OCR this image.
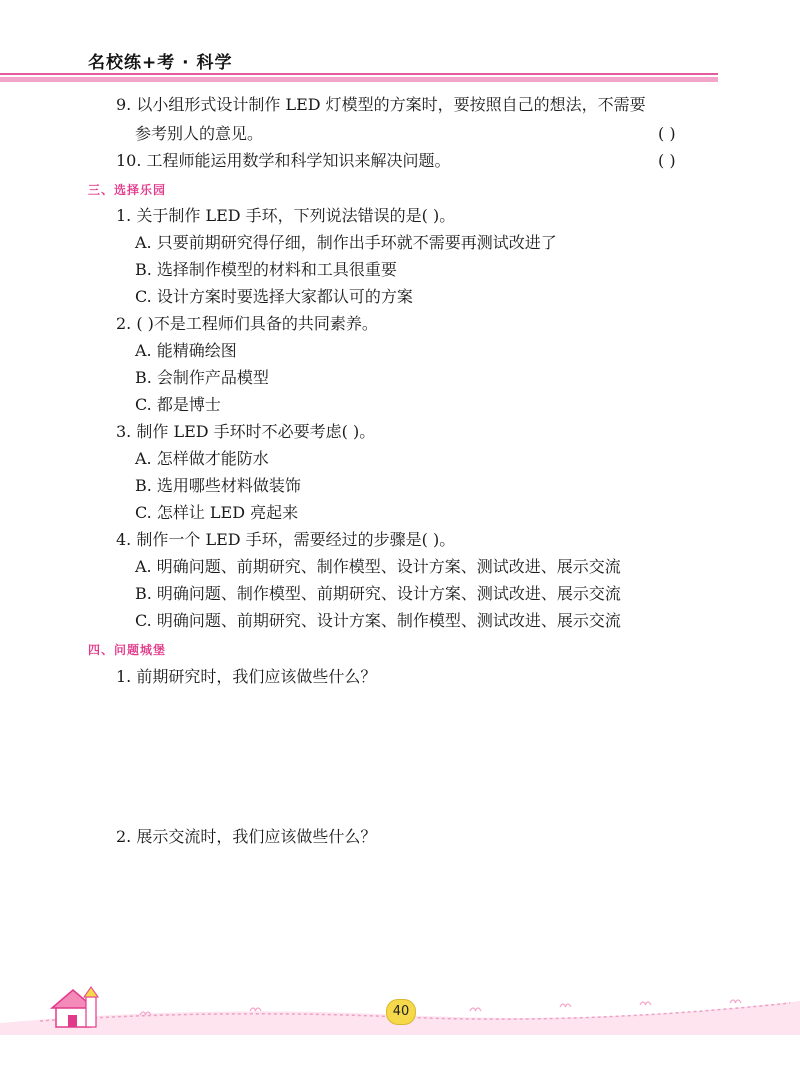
名校练+考 · 科学
9. 以小组形式设计制作 LED 灯模型的方案时，要按照自己的想法，不需要
参考别人的意见。	( )
10. 工程师能运用数学和科学知识来解决问题。	( )
三、选择乐园
1. 关于制作 LED 手环，下列说法错误的是( )。
A. 只要前期研究得仔细，制作出手环就不需要再测试改进了
B. 选择制作模型的材料和工具很重要
C. 设计方案时要选择大家都认可的方案
2. ( )不是工程师们具备的共同素养。
A. 能精确绘图
B. 会制作产品模型
C. 都是博士
3. 制作 LED 手环时不必要考虑( )。
A. 怎样做才能防水
B. 选用哪些材料做装饰
C. 怎样让 LED 亮起来
4. 制作一个 LED 手环，需要经过的步骤是( )。
A. 明确问题、前期研究、制作模型、设计方案、测试改进、展示交流
B. 明确问题、制作模型、前期研究、设计方案、测试改进、展示交流
C. 明确问题、前期研究、设计方案、制作模型、测试改进、展示交流
四、问题城堡
1. 前期研究时，我们应该做些什么？
2. 展示交流时，我们应该做些什么？
40
